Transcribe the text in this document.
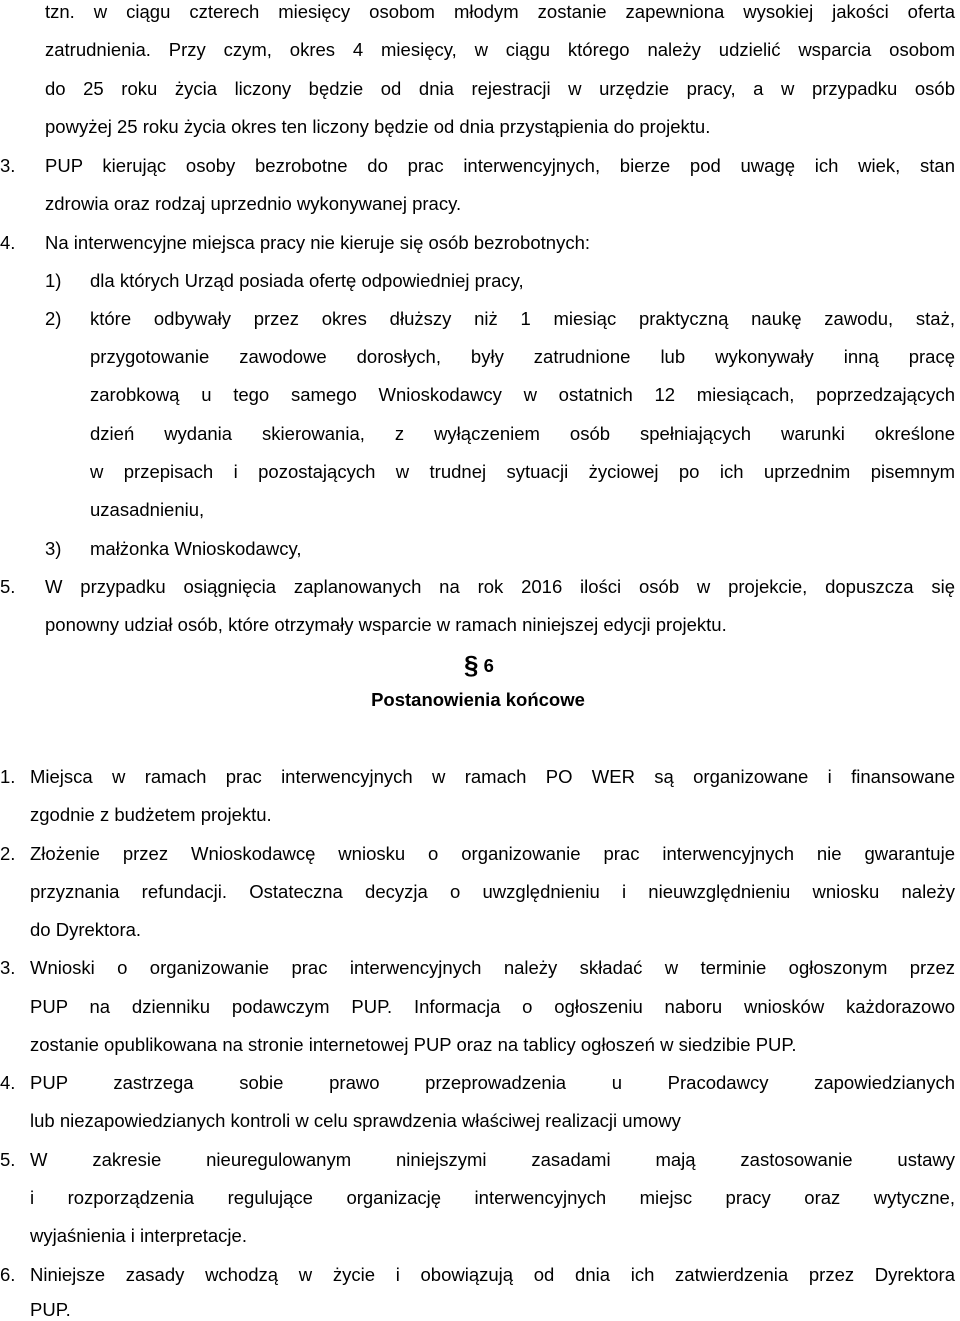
tzn. w ciągu czterech miesięcy osobom młodym zostanie zapewniona wysokiej jakości oferta
zatrudnienia. Przy czym, okres 4 miesięcy, w ciągu którego należy udzielić wsparcia osobom
do 25 roku życia liczony będzie od dnia rejestracji w urzędzie pracy, a w przypadku osób
powyżej 25 roku życia okres ten liczony będzie od dnia przystąpienia do projektu.
3. PUP kierując osoby bezrobotne do prac interwencyjnych, bierze pod uwagę ich wiek, stan
zdrowia oraz rodzaj uprzednio wykonywanej pracy.
4. Na interwencyjne miejsca pracy nie kieruje się osób bezrobotnych:
1) dla których Urząd posiada ofertę odpowiedniej pracy,
2) które odbywały przez okres dłuższy niż 1 miesiąc praktyczną naukę zawodu, staż,
przygotowanie zawodowe dorosłych, były zatrudnione lub wykonywały inną pracę
zarobkową u tego samego Wnioskodawcy w ostatnich 12 miesiącach, poprzedzających
dzień wydania skierowania, z wyłączeniem osób spełniających warunki określone
w przepisach i pozostających w trudnej sytuacji życiowej po ich uprzednim pisemnym
uzasadnieniu,
3) małżonka Wnioskodawcy,
5. W przypadku osiągnięcia zaplanowanych na rok 2016 ilości osób w projekcie, dopuszcza się
ponowny udział osób, które otrzymały wsparcie w ramach niniejszej edycji projektu.
§ 6
Postanowienia końcowe
1. Miejsca w ramach prac interwencyjnych w ramach PO WER są organizowane i finansowane
zgodnie z budżetem projektu.
2. Złożenie przez Wnioskodawcę wniosku o organizowanie prac interwencyjnych nie gwarantuje
przyznania refundacji. Ostateczna decyzja o uwzględnieniu i nieuwzględnieniu wniosku należy
do Dyrektora.
3. Wnioski o organizowanie prac interwencyjnych należy składać w terminie ogłoszonym przez
PUP na dzienniku podawczym PUP. Informacja o ogłoszeniu naboru wniosków każdorazowo
zostanie opublikowana na stronie internetowej PUP oraz na tablicy ogłoszeń w siedzibie PUP.
4. PUP zastrzega sobie prawo przeprowadzenia u Pracodawcy zapowiedzianych
lub niezapowiedzianych kontroli w celu sprawdzenia właściwej realizacji umowy
5. W zakresie nieuregulowanym niniejszymi zasadami mają zastosowanie ustawy
i rozporządzenia regulujące organizację interwencyjnych miejsc pracy oraz wytyczne,
wyjaśnienia i interpretacje.
6. Niniejsze zasady wchodzą w życie i obowiązują od dnia ich zatwierdzenia przez Dyrektora
PUP.
